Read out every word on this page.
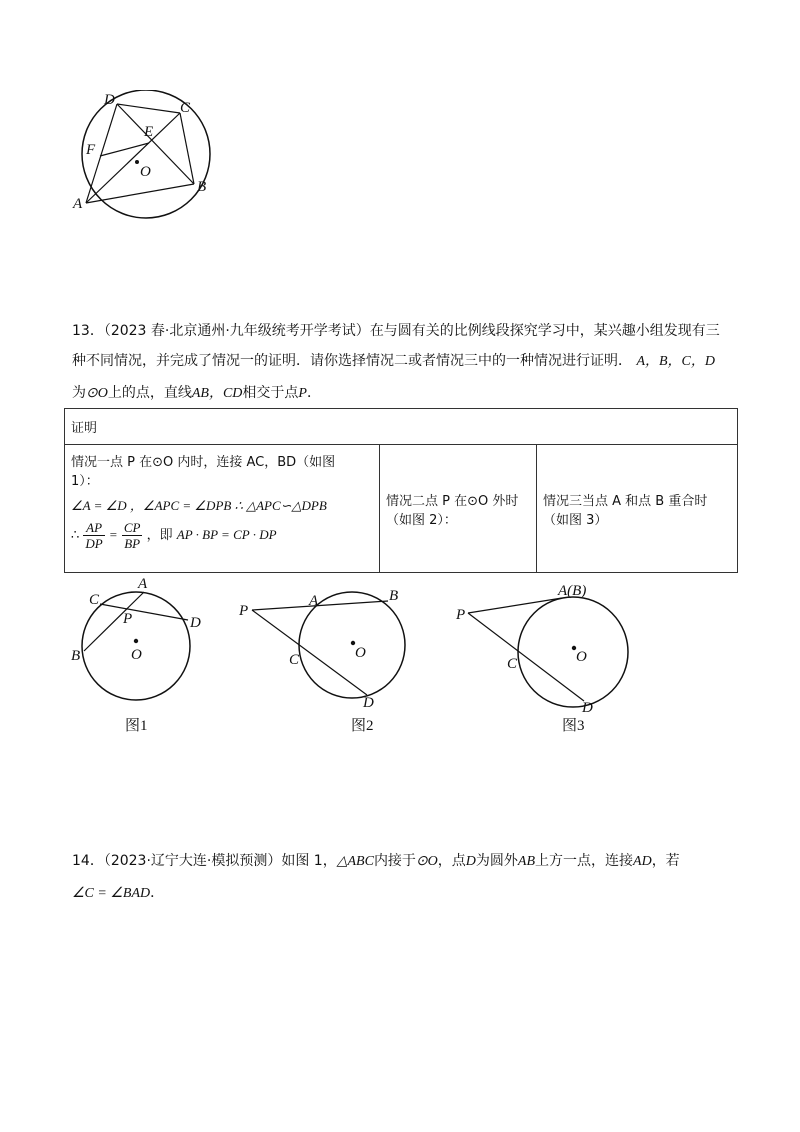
D	C
E
F
O
A
B
13．（2023 春·北京通州·九年级统考开学考试）在与圆有关的比例线段探究学习中，某兴趣小组发现有三
种不同情况，并完成了情况一的证明．请你选择情况二或者情况三中的一种情况进行证明． A，B，C，D
为⊙O上的点，直线AB，CD相交于点P．
证明

情况一点 P 在⊙O 内时，连接 AC，BD（如图
1）：
∠A = ∠D ，∠APC = ∠DPB ∴ △APC∽△DPB
∴ $\frac{AP}{DP} = \frac{CP}{BP}$ ，即 AP · BP = CP · DP

情况二点 P 在⊙O 外时
（如图 2）：

情况三当点 A 和点 B 重合时
（如图 3）
A
C
P	D
B	O
图1
P
A	B
C	O
D
图2
P
A(B)
C	O
D
图3
14．（2023·辽宁大连·模拟预测）如图 1，△ABC内接于⊙O，点D为圆外AB上方一点，连接AD，若
∠C = ∠BAD．
